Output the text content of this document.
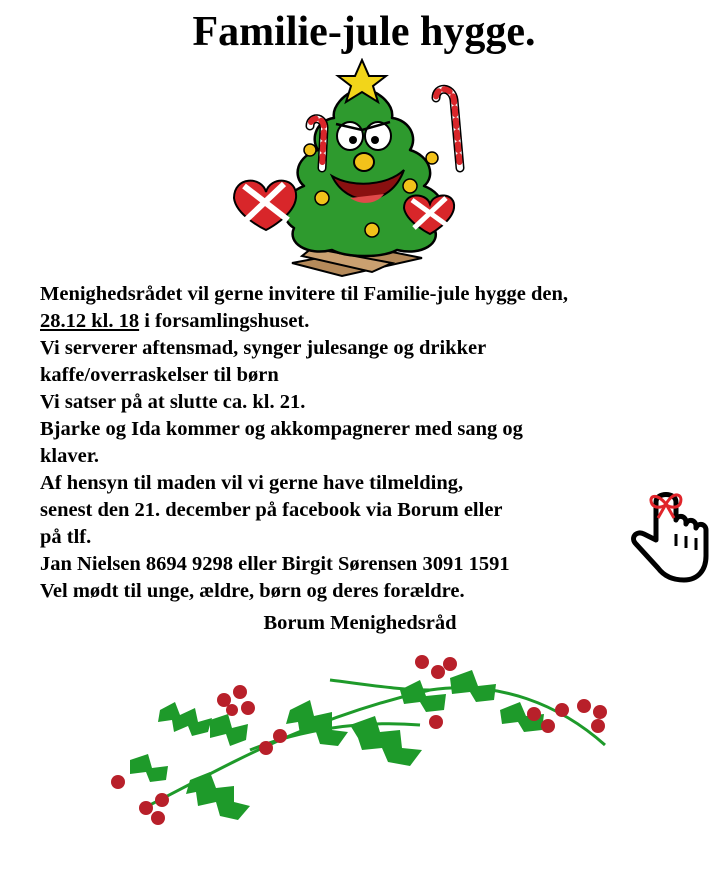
Familie-jule hygge.
Menighedsrådet vil gerne invitere til Familie-jule hygge den,
28.12 kl. 18 i forsamlingshuset.
Vi serverer aftensmad, synger julesange og drikker
kaffe/overraskelser til børn
Vi satser på at slutte ca. kl. 21.
Bjarke og Ida kommer og akkompagnerer med sang og
klaver.
Af hensyn til maden vil vi gerne have tilmelding,
senest den 21. december på facebook via Borum eller
på tlf.
Jan Nielsen 8694 9298 eller Birgit Sørensen 3091 1591
Vel mødt til unge, ældre, børn og deres forældre.
Borum Menighedsråd
